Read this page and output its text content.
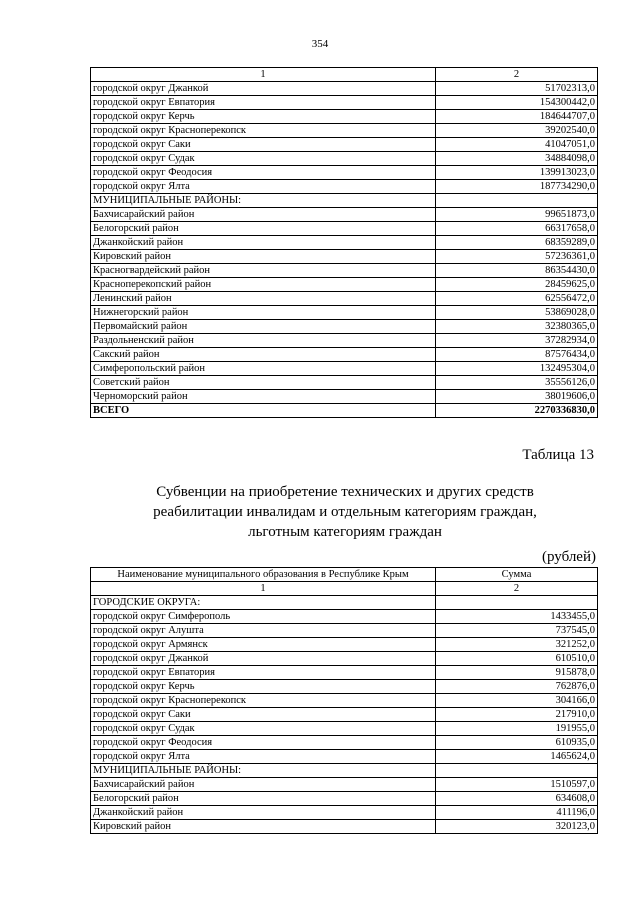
354
1	2
городской округ Джанкой	51702313,0
городской округ Евпатория	154300442,0
городской округ Керчь	184644707,0
городской округ Красноперекопск	39202540,0
городской округ Саки	41047051,0
городской округ Судак	34884098,0
городской округ Феодосия	139913023,0
городской округ Ялта	187734290,0
МУНИЦИПАЛЬНЫЕ РАЙОНЫ:	
Бахчисарайский район	99651873,0
Белогорский район	66317658,0
Джанкойский район	68359289,0
Кировский район	57236361,0
Красногвардейский район	86354430,0
Красноперекопский район	28459625,0
Ленинский район	62556472,0
Нижнегорский район	53869028,0
Первомайский район	32380365,0
Раздольненский район	37282934,0
Сакский район	87576434,0
Симферопольский район	132495304,0
Советский район	35556126,0
Черноморский район	38019606,0
ВСЕГО	2270336830,0
Таблица 13
Субвенции на приобретение технических и других средств
реабилитации инвалидам и отдельным категориям граждан,
льготным категориям граждан
(рублей)
Наименование муниципального образования в Республике Крым	Сумма
1	2
ГОРОДСКИЕ ОКРУГА:	
городской округ Симферополь	1433455,0
городской округ Алушта	737545,0
городской округ Армянск	321252,0
городской округ Джанкой	610510,0
городской округ Евпатория	915878,0
городской округ Керчь	762876,0
городской округ Красноперекопск	304166,0
городской округ Саки	217910,0
городской округ Судак	191955,0
городской округ Феодосия	610935,0
городской округ Ялта	1465624,0
МУНИЦИПАЛЬНЫЕ РАЙОНЫ:	
Бахчисарайский район	1510597,0
Белогорский район	634608,0
Джанкойский район	411196,0
Кировский район	320123,0
